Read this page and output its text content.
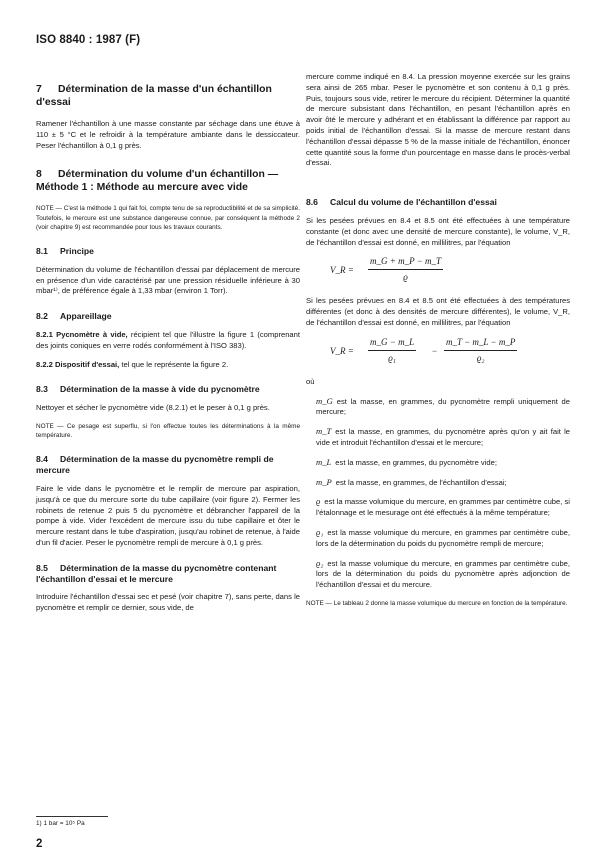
ISO 8840 : 1987 (F)
7 Détermination de la masse d'un échantillon d'essai

Ramener l'échantillon à une masse constante par séchage dans une étuve à 110 ± 5 °C et le refroidir à la température ambiante dans le dessiccateur. Peser l'échantillon à 0,1 g près.

8 Détermination du volume d'un échantillon — Méthode 1 : Méthode au mercure avec vide

NOTE — C'est la méthode 1 qui fait foi, compte tenu de sa reproductibilité et de sa simplicité. Toutefois, le mercure est une substance dangereuse connue, par conséquent la méthode 2 (voir chapitre 9) est recommandée pour tous les travaux courants.

8.1 Principe

Détermination du volume de l'échantillon d'essai par déplacement de mercure en présence d'un vide caractérisé par une pression résiduelle inférieure à 30 mbar¹⁾, de préférence égale à 1,33 mbar (environ 1 Torr).

8.2 Appareillage

8.2.1 Pycnomètre à vide, récipient tel que l'illustre la figure 1 (comprenant des joints coniques en verre rodés conformément à l'ISO 383).

8.2.2 Dispositif d'essai, tel que le représente la figure 2.

8.3 Détermination de la masse à vide du pycnomètre

Nettoyer et sécher le pycnomètre vide (8.2.1) et le peser à 0,1 g près.

NOTE — Ce pesage est superflu, si l'on effectue toutes les déterminations à la même température.

8.4 Détermination de la masse du pycnomètre rempli de mercure

Faire le vide dans le pycnomètre et le remplir de mercure par aspiration, jusqu'à ce que du mercure sorte du tube capillaire (voir figure 2). Fermer les robinets de retenue 2 puis 5 du pycnomètre et débrancher l'appareil de la pompe à vide. Vider l'excédent de mercure issu du tube capillaire et ôter le mercure restant dans le tube d'aspiration, jusqu'au robinet de retenue, à l'aide d'un fil d'acier. Peser le pycnomètre rempli de mercure à 0,1 g près.

8.5 Détermination de la masse du pycnomètre contenant l'échantillon d'essai et le mercure

Introduire l'échantillon d'essai sec et pesé (voir chapitre 7), sans perte, dans le pycnomètre et remplir ce dernier, sous vide, de

mercure comme indiqué en 8.4. La pression moyenne exercée sur les grains sera ainsi de 265 mbar. Peser le pycnomètre et son contenu à 0,1 g près. Puis, toujours sous vide, retirer le mercure du récipient. Déterminer la quantité de mercure subsistant dans l'échantillon, en pesant l'échantillon après en avoir ôté le mercure y adhérant et en établissant la différence par rapport au poids initial de l'échantillon d'essai. Si la masse de mercure restant dans l'échantillon d'essai dépasse 5 % de la masse initiale de l'échantillon, énoncer cette quantité sous la forme d'un pourcentage en masse dans le procès-verbal d'essai.

8.6 Calcul du volume de l'échantillon d'essai

Si les pesées prévues en 8.4 et 8.5 ont été effectuées à une température constante (et donc avec une densité de mercure constante), le volume, V_R, de l'échantillon d'essai est donné, en millilitres, par l'équation

V_R = $\frac{m\_G + m\_P - m\_T}{ϱ}$

Si les pesées prévues en 8.4 et 8.5 ont été effectuées à des températures différentes (et donc à des densités de mercure différentes), le volume, V_R, de l'échantillon d'essai est donné, en millilitres, par l'équation

V_R = $\frac{m\_G - m\_L}{\text{ϱ₁}} - \frac{m\_T - m\_L - m\_P}{\text{ϱ₂}}$

où

m_G est la masse, en grammes, du pycnomètre rempli uniquement de mercure;
m_T est la masse, en grammes, du pycnomètre après qu'on y ait fait le vide et introduit l'échantillon d'essai et le mercure;
m_L est la masse, en grammes, du pycnomètre vide;
m_P est la masse, en grammes, de l'échantillon d'essai;
ϱ est la masse volumique du mercure, en grammes par centimètre cube, si l'étalonnage et le mesurage ont été effectués à la même température;
ϱ₁ est la masse volumique du mercure, en grammes par centimètre cube, lors de la détermination du poids du pycnomètre rempli de mercure;
ϱ₂ est la masse volumique du mercure, en grammes par centimètre cube, lors de la détermination du poids du pycnomètre après adjonction de l'échantillon d'essai et du mercure.

NOTE — Le tableau 2 donne la masse volumique du mercure en fonction de la température.

1) 1 bar = 10⁵ Pa
2
